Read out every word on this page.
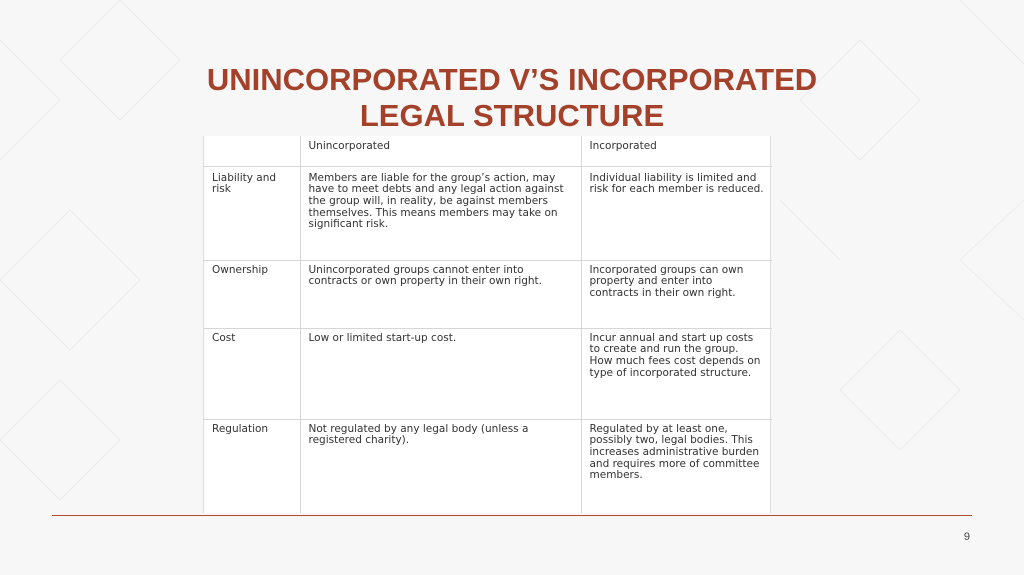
UNINCORPORATED V’S INCORPORATED
LEGAL STRUCTURE
	Unincorporated	Incorporated
Liability and risk	Members are liable for the group’s action, may have to meet debts and any legal action against the group will, in reality, be against members themselves. This means members may take on significant risk.	Individual liability is limited and risk for each member is reduced.
Ownership	Unincorporated groups cannot enter into contracts or own property in their own right.	Incorporated groups can own property and enter into contracts in their own right.
Cost	Low or limited start-up cost.	Incur annual and start up costs to create and run the group. How much fees cost depends on type of incorporated structure.
Regulation	Not regulated by any legal body (unless a registered charity).	Regulated by at least one, possibly two, legal bodies. This increases administrative burden and requires more of committee members.
9
